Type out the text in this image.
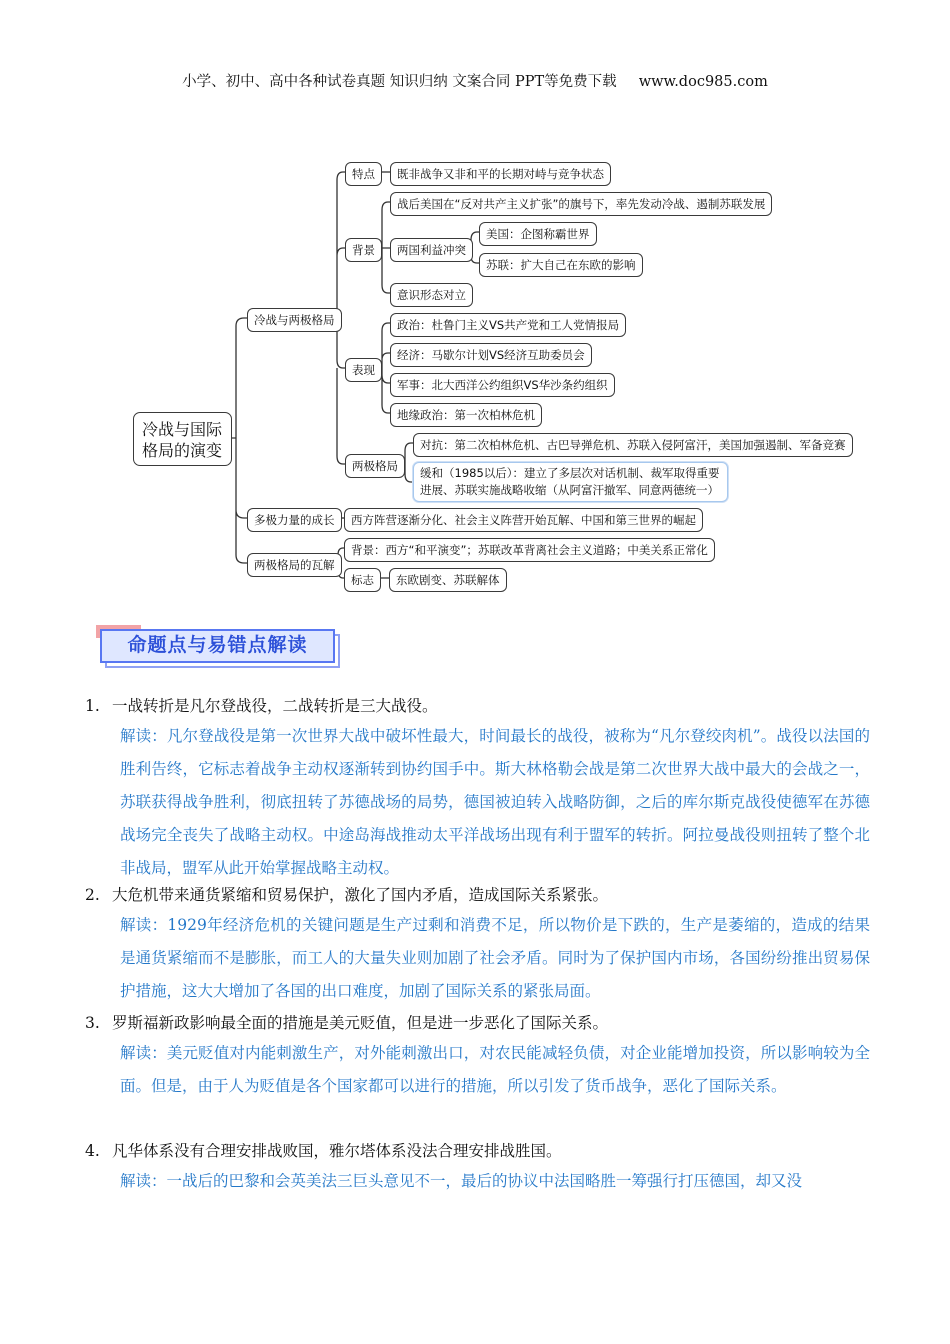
小学、初中、高中各种试卷真题 知识归纳 文案合同 PPT等免费下载 www.doc985.com
冷战与国际格局的演变
冷战与两极格局
多极力量的成长
两极格局的瓦解
特点
背景
表现
两极格局
标志
既非战争又非和平的长期对峙与竞争状态
战后美国在“反对共产主义扩张”的旗号下，率先发动冷战、遏制苏联发展
两国利益冲突
美国：企图称霸世界
苏联：扩大自己在东欧的影响
意识形态对立
政治：杜鲁门主义VS共产党和工人党情报局
经济：马歇尔计划VS经济互助委员会
军事：北大西洋公约组织VS华沙条约组织
地缘政治：第一次柏林危机
对抗：第二次柏林危机、古巴导弹危机、苏联入侵阿富汗，美国加强遏制、军备竞赛
缓和（1985以后）：建立了多层次对话机制、裁军取得重要进展、苏联实施战略收缩（从阿富汗撤军、同意两德统一）
西方阵营逐渐分化、社会主义阵营开始瓦解、中国和第三世界的崛起
背景：西方“和平演变”；苏联改革背离社会主义道路；中美关系正常化
东欧剧变、苏联解体
命题点与易错点解读
1. 一战转折是凡尔登战役，二战转折是三大战役。
解读：凡尔登战役是第一次世界大战中破坏性最大，时间最长的战役，被称为“凡尔登绞肉机”。战役以法国的胜利告终，它标志着战争主动权逐渐转到协约国手中。斯大林格勒会战是第二次世界大战中最大的会战之一，苏联获得战争胜利，彻底扭转了苏德战场的局势，德国被迫转入战略防御，之后的库尔斯克战役使德军在苏德战场完全丧失了战略主动权。中途岛海战推动太平洋战场出现有利于盟军的转折。阿拉曼战役则扭转了整个北非战局，盟军从此开始掌握战略主动权。
2. 大危机带来通货紧缩和贸易保护，激化了国内矛盾，造成国际关系紧张。
解读：1929年经济危机的关键问题是生产过剩和消费不足，所以物价是下跌的，生产是萎缩的，造成的结果是通货紧缩而不是膨胀，而工人的大量失业则加剧了社会矛盾。同时为了保护国内市场，各国纷纷推出贸易保护措施，这大大增加了各国的出口难度，加剧了国际关系的紧张局面。
3. 罗斯福新政影响最全面的措施是美元贬值，但是进一步恶化了国际关系。
解读：美元贬值对内能刺激生产，对外能刺激出口，对农民能减轻负债，对企业能增加投资，所以影响较为全面。但是，由于人为贬值是各个国家都可以进行的措施，所以引发了货币战争，恶化了国际关系。
4. 凡华体系没有合理安排战败国，雅尔塔体系没法合理安排战胜国。
解读：一战后的巴黎和会英美法三巨头意见不一，最后的协议中法国略胜一筹强行打压德国，却又没
